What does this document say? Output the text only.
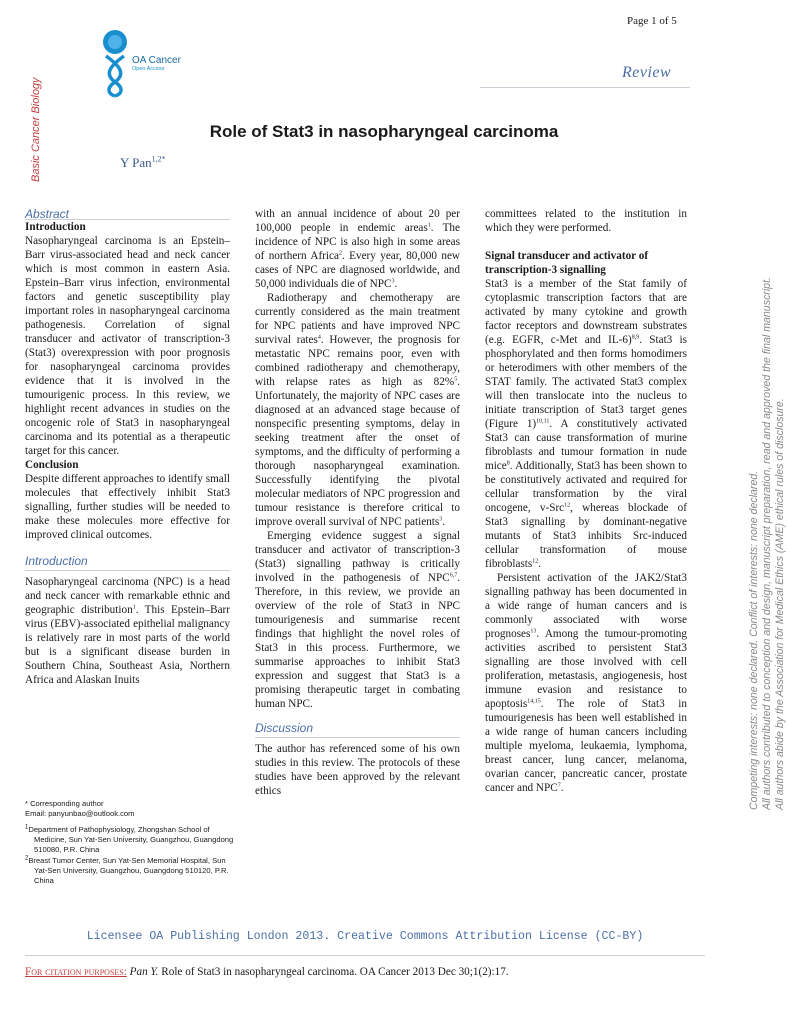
Page 1 of 5
OA Cancer
Open Access	Review
Basic Cancer Biology	Role of Stat3 in nasopharyngeal carcinoma
Y Pan$^{1,2*}$

Abstract

Introduction

Nasopharyngeal carcinoma is an Epstein–Barr virus-associated head and neck cancer which is most common in eastern Asia. Epstein–Barr virus infection, environmental factors and genetic susceptibility play important roles in nasopharyngeal carcinoma pathogenesis. Correlation of signal transducer and activator of transcription-3 (Stat3) overexpression with poor prognosis for nasopharyngeal carcinoma provides evidence that it is involved in the tumourigenic process. In this review, we highlight recent advances in studies on the oncogenic role of Stat3 in nasopharyngeal carcinoma and its potential as a therapeutic target for this cancer.

Conclusion

Despite different approaches to identify small molecules that effectively inhibit Stat3 signalling, further studies will be needed to make these molecules more effective for improved clinical outcomes.

Introduction

Nasopharyngeal carcinoma (NPC) is a head and neck cancer with remarkable ethnic and geographic distribution$^1$. This Epstein–Barr virus (EBV)-associated epithelial malignancy is relatively rare in most parts of the world but is a significant disease burden in Southern China, Southeast Asia, Northern Africa and Alaskan Inuits

with an annual incidence of about 20 per 100,000 people in endemic areas$^1$. The incidence of NPC is also high in some areas of northern Africa$^2$. Every year, 80,000 new cases of NPC are diagnosed worldwide, and 50,000 individuals die of NPC$^3$.

Radiotherapy and chemotherapy are currently considered as the main treatment for NPC patients and have improved NPC survival rates$^4$. However, the prognosis for metastatic NPC remains poor, even with combined radiotherapy and chemotherapy, with relapse rates as high as 82%$^5$. Unfortunately, the majority of NPC cases are diagnosed at an advanced stage because of nonspecific presenting symptoms, delay in seeking treatment after the onset of symptoms, and the difficulty of performing a thorough nasopharyngeal examination. Successfully identifying the pivotal molecular mediators of NPC progression and tumour resistance is therefore critical to improve overall survival of NPC patients$^3$.

Emerging evidence suggest a signal transducer and activator of transcription-3 (Stat3) signalling pathway is critically involved in the pathogenesis of NPC$^{6,7}$. Therefore, in this review, we provide an overview of the role of Stat3 in NPC tumourigenesis and summarise recent findings that highlight the novel roles of Stat3 in this process. Furthermore, we summarise approaches to inhibit Stat3 expression and suggest that Stat3 is a promising therapeutic target in combating human NPC.

Discussion

The author has referenced some of his own studies in this review. The protocols of these studies have been approved by the relevant ethics

committees related to the institution in which they were performed.

Signal transducer and activator of transcription-3 signalling

Stat3 is a member of the Stat family of cytoplasmic transcription factors that are activated by many cytokine and growth factor receptors and downstream substrates (e.g. EGFR, c-Met and IL-6)$^{8,9}$. Stat3 is phosphorylated and then forms homodimers or heterodimers with other members of the STAT family. The activated Stat3 complex will then translocate into the nucleus to initiate transcription of Stat3 target genes (Figure 1)$^{10,11}$. A constitutively activated Stat3 can cause transformation of murine fibroblasts and tumour formation in nude mice$^8$. Additionally, Stat3 has been shown to be constitutively activated and required for cellular transformation by the viral oncogene, v-Src$^{12}$, whereas blockade of Stat3 signalling by dominant-negative mutants of Stat3 inhibits Src-induced cellular transformation of mouse fibroblasts$^{12}$.

Persistent activation of the JAK2/Stat3 signalling pathway has been documented in a wide range of human cancers and is commonly associated with worse prognoses$^{13}$. Among the tumour-promoting activities ascribed to persistent Stat3 signalling are those involved with cell proliferation, metastasis, angiogenesis, host immune evasion and resistance to apoptosis$^{14,15}$. The role of Stat3 in tumourigenesis has been well established in a wide range of human cancers including multiple myeloma, leukaemia, lymphoma, breast cancer, lung cancer, melanoma, ovarian cancer, pancreatic cancer, prostate cancer and NPC$^7$.

* Corresponding author

Email: panyunbao@outlook.com

$^1$Department of Pathophysiology, Zhongshan School of Medicine, Sun Yat-Sen University, Guangzhou, Guangdong 510080, P.R. China

$^2$Breast Tumor Center, Sun Yat-Sen Memorial Hospital, Sun Yat-Sen University, Guangzhou, Guangdong 510120, P.R. China

Licensee OA Publishing London 2013. Creative Commons Attribution License (CC-BY)
For citation purposes: Pan Y. Role of Stat3 in nasopharyngeal carcinoma. OA Cancer 2013 Dec 30;1(2):17.
Competing interests: none declared. Conflict of interests: none declared.
All authors contributed to conception and design, manuscript preparation, read and approved the final manuscript.
All authors abide by the Association for Medical Ethics (AME) ethical rules of disclosure.
